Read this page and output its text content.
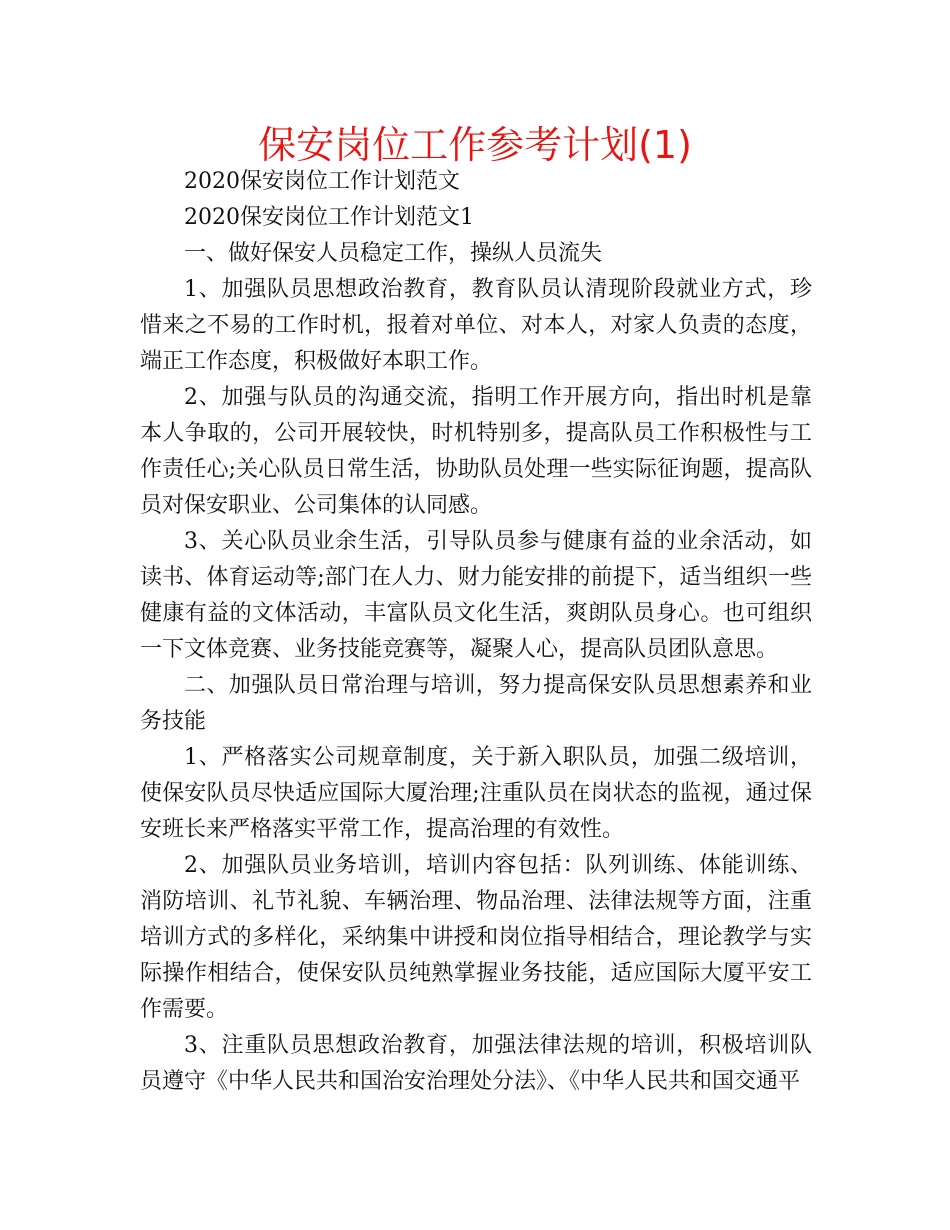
保安岗位工作参考计划(1)

2020保安岗位工作计划范文

2020保安岗位工作计划范文1

一、做好保安人员稳定工作，操纵人员流失

1、加强队员思想政治教育，教育队员认清现阶段就业方式，珍惜来之不易的工作时机，报着对单位、对本人，对家人负责的态度，端正工作态度，积极做好本职工作。

2、加强与队员的沟通交流，指明工作开展方向，指出时机是靠本人争取的，公司开展较快，时机特别多，提高队员工作积极性与工作责任心;关心队员日常生活，协助队员处理一些实际征询题，提高队员对保安职业、公司集体的认同感。

3、关心队员业余生活，引导队员参与健康有益的业余活动，如读书、体育运动等;部门在人力、财力能安排的前提下，适当组织一些健康有益的文体活动，丰富队员文化生活，爽朗队员身心。也可组织一下文体竞赛、业务技能竞赛等，凝聚人心，提高队员团队意思。

二、加强队员日常治理与培训，努力提高保安队员思想素养和业务技能

1、严格落实公司规章制度，关于新入职队员，加强二级培训，使保安队员尽快适应国际大厦治理;注重队员在岗状态的监视，通过保安班长来严格落实平常工作，提高治理的有效性。

2、加强队员业务培训，培训内容包括：队列训练、体能训练、消防培训、礼节礼貌、车辆治理、物品治理、法律法规等方面，注重培训方式的多样化，采纳集中讲授和岗位指导相结合，理论教学与实际操作相结合，使保安队员纯熟掌握业务技能，适应国际大厦平安工作需要。

3、注重队员思想政治教育，加强法律法规的培训，积极培训队员遵守《中华人民共和国治安治理处分法》、《中华人民共和国交通平
